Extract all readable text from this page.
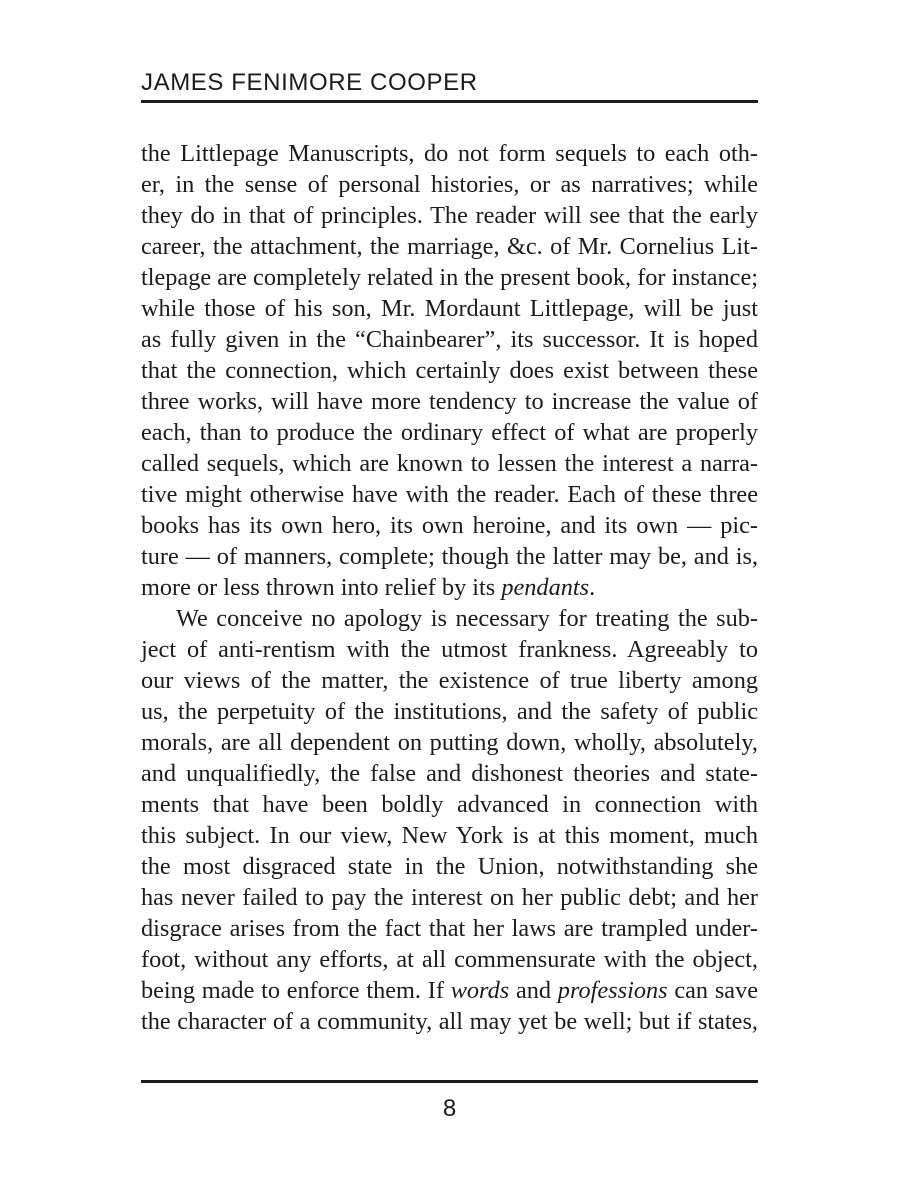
JAMES FENIMORE COOPER
the Littlepage Manuscripts, do not form sequels to each oth-
er, in the sense of personal histories, or as narratives; while
they do in that of principles. The reader will see that the early
career, the attachment, the marriage, &c. of Mr. Cornelius Lit-
tlepage are completely related in the present book, for instance;
while those of his son, Mr. Mordaunt Littlepage, will be just
as fully given in the “Chainbearer”, its successor. It is hoped
that the connection, which certainly does exist between these
three works, will have more tendency to increase the value of
each, than to produce the ordinary effect of what are properly
called sequels, which are known to lessen the interest a narra-
tive might otherwise have with the reader. Each of these three
books has its own hero, its own heroine, and its own — pic-
ture — of manners, complete; though the latter may be, and is,
more or less thrown into relief by its pendants.
We conceive no apology is necessary for treating the sub-
ject of anti-rentism with the utmost frankness. Agreeably to
our views of the matter, the existence of true liberty among
us, the perpetuity of the institutions, and the safety of public
morals, are all dependent on putting down, wholly, absolutely,
and unqualifiedly, the false and dishonest theories and state-
ments that have been boldly advanced in connection with
this subject. In our view, New York is at this moment, much
the most disgraced state in the Union, notwithstanding she
has never failed to pay the interest on her public debt; and her
disgrace arises from the fact that her laws are trampled under-
foot, without any efforts, at all commensurate with the object,
being made to enforce them. If words and professions can save
the character of a community, all may yet be well; but if states,
8
